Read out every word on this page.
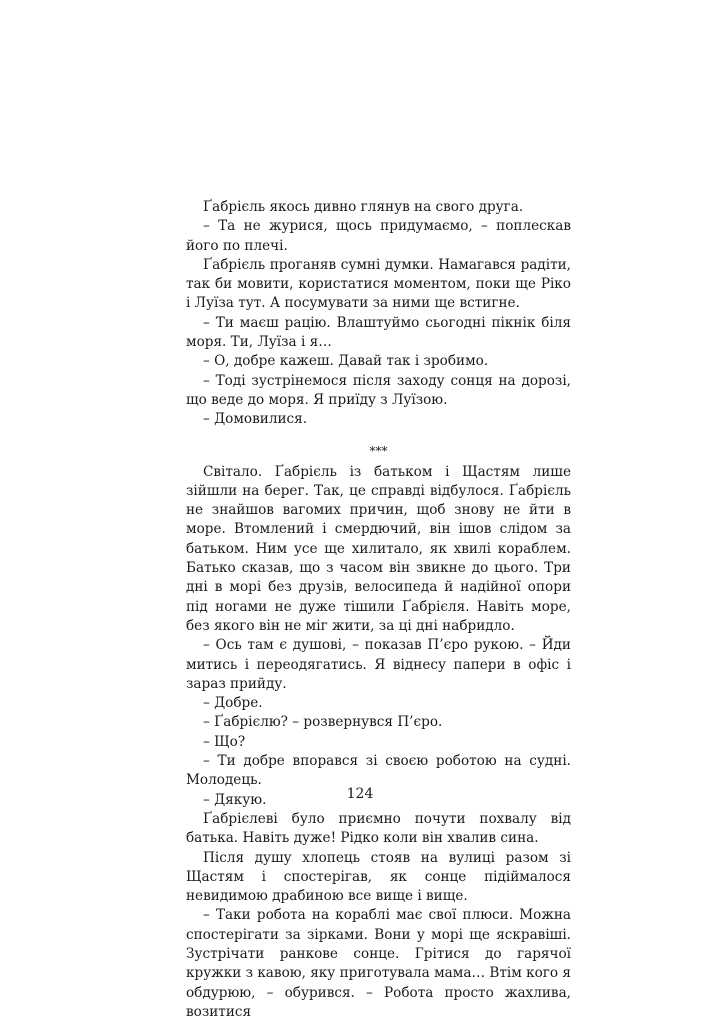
Ґабрієль якось дивно глянув на свого друга.

– Та не журися, щось придумаємо, – поплескав його по плечі.

Ґабрієль проганяв сумні думки. Намагався радіти, так би мовити, користатися моментом, поки ще Ріко і Луїза тут. А посумувати за ними ще встигне.

– Ти маєш рацію. Влаштуймо сьогодні пікнік біля моря. Ти, Луїза і я…

– О, добре кажеш. Давай так і зробимо.

– Тоді зустрінемося після заходу сонця на дорозі, що веде до моря. Я приїду з Луїзою.

– Домовилися.

***

Світало. Ґабрієль із батьком і Щастям лише зійшли на берег. Так, це справді відбулося. Ґабрієль не знайшов вагомих причин, щоб знову не йти в море. Втомлений і смердючий, він ішов слідом за батьком. Ним усе ще хилитало, як хвилі кораблем. Батько сказав, що з часом він звикне до цього. Три дні в морі без друзів, велосипеда й надійної опори під ногами не дуже тішили Ґабрієля. Навіть море, без якого він не міг жити, за ці дні набридло.

– Ось там є душові, – показав П’єро рукою. – Йди митись і переодягатись. Я віднесу папери в офіс і зараз прийду.

– Добре.

– Ґабрієлю? – розвернувся П’єро.

– Що?

– Ти добре впорався зі своєю роботою на судні. Молодець.

– Дякую.

Ґабрієлеві було приємно почути похвалу від батька. Навіть дуже! Рідко коли він хвалив сина.

Після душу хлопець стояв на вулиці разом зі Щастям і спостерігав, як сонце підіймалося невидимою драбиною все вище і вище.

– Таки робота на кораблі має свої плюси. Можна спостерігати за зірками. Вони у морі ще яскравіші. Зустрічати ранкове сонце. Грітися до гарячої кружки з кавою, яку приготувала мама… Втім кого я обдурюю, – обурився. – Робота просто жахлива, возитися

124
